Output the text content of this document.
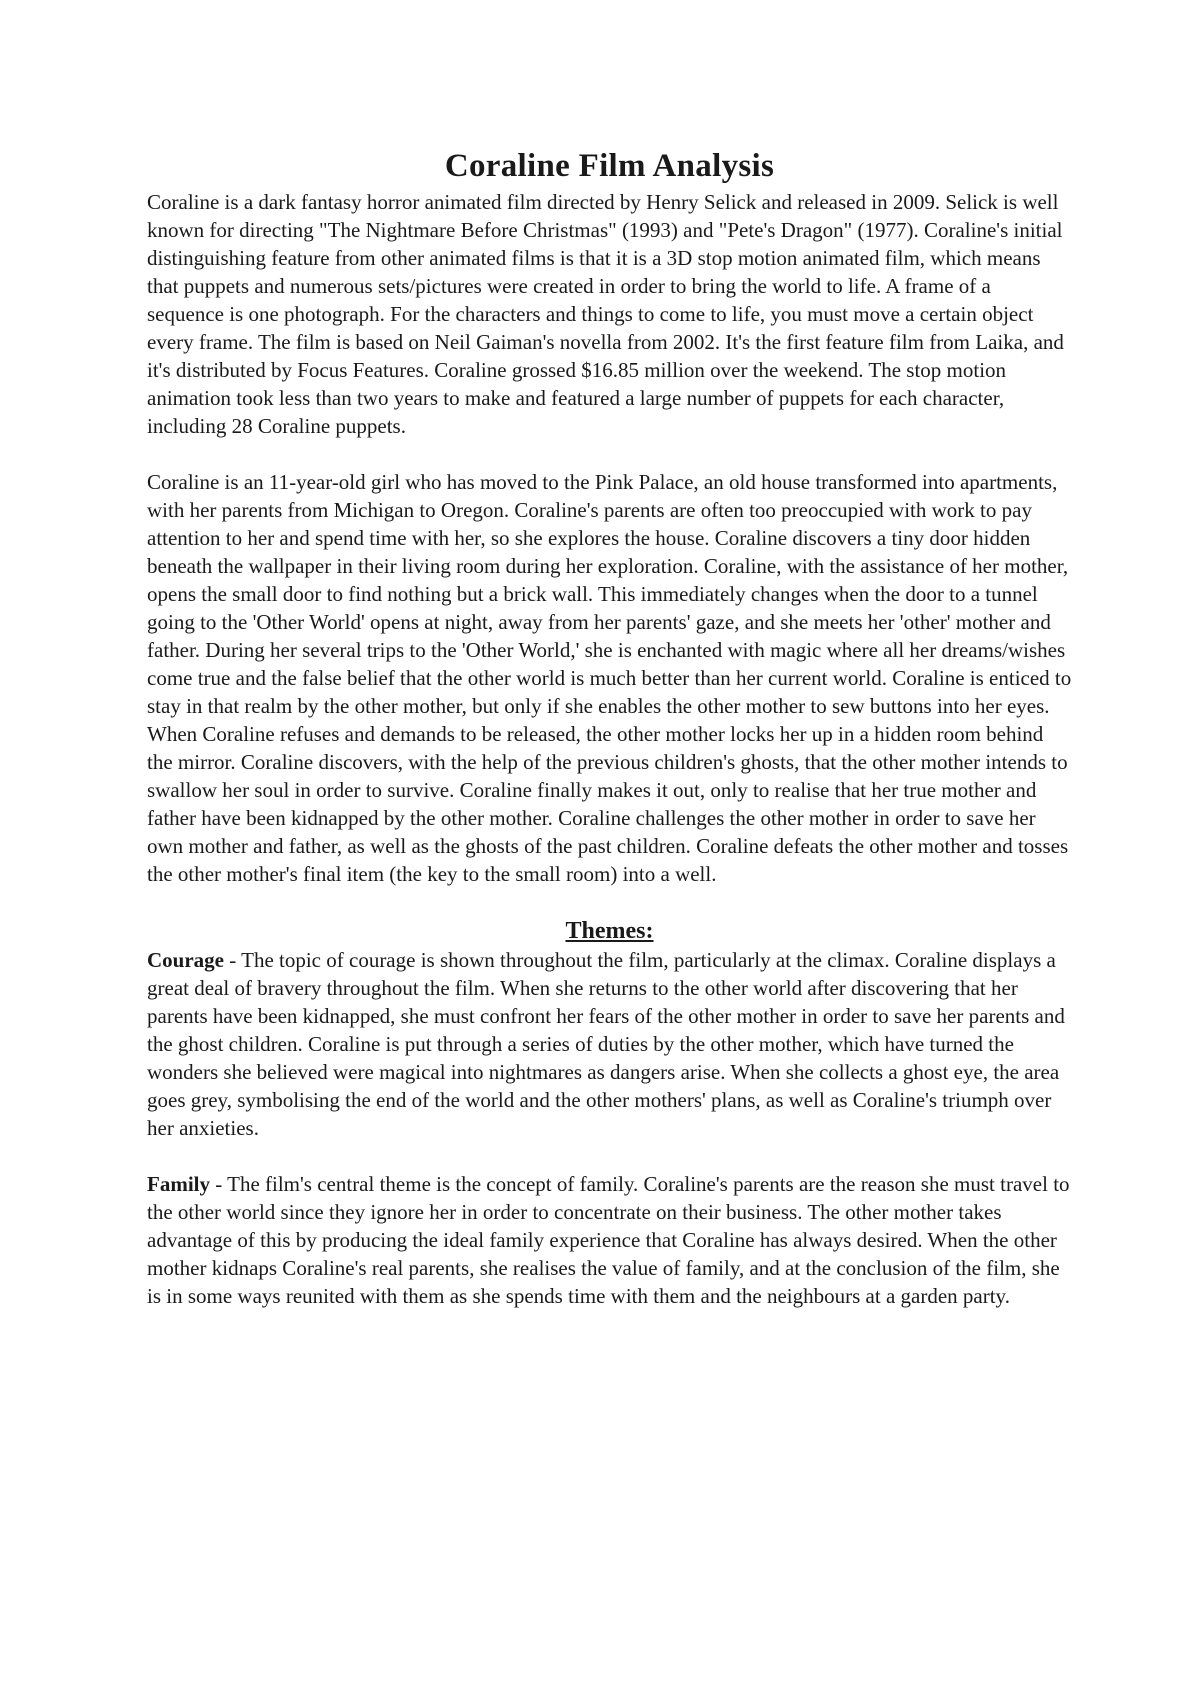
Coraline Film Analysis

Coraline is a dark fantasy horror animated film directed by Henry Selick and released in 2009. Selick is well known for directing "The Nightmare Before Christmas" (1993) and "Pete's Dragon" (1977). Coraline's initial distinguishing feature from other animated films is that it is a 3D stop motion animated film, which means that puppets and numerous sets/pictures were created in order to bring the world to life. A frame of a sequence is one photograph. For the characters and things to come to life, you must move a certain object every frame. The film is based on Neil Gaiman's novella from 2002. It's the first feature film from Laika, and it's distributed by Focus Features. Coraline grossed $16.85 million over the weekend. The stop motion animation took less than two years to make and featured a large number of puppets for each character, including 28 Coraline puppets.

Coraline is an 11-year-old girl who has moved to the Pink Palace, an old house transformed into apartments, with her parents from Michigan to Oregon. Coraline's parents are often too preoccupied with work to pay attention to her and spend time with her, so she explores the house. Coraline discovers a tiny door hidden beneath the wallpaper in their living room during her exploration. Coraline, with the assistance of her mother, opens the small door to find nothing but a brick wall. This immediately changes when the door to a tunnel going to the 'Other World' opens at night, away from her parents' gaze, and she meets her 'other' mother and father. During her several trips to the 'Other World,' she is enchanted with magic where all her dreams/wishes come true and the false belief that the other world is much better than her current world. Coraline is enticed to stay in that realm by the other mother, but only if she enables the other mother to sew buttons into her eyes. When Coraline refuses and demands to be released, the other mother locks her up in a hidden room behind the mirror. Coraline discovers, with the help of the previous children's ghosts, that the other mother intends to swallow her soul in order to survive. Coraline finally makes it out, only to realise that her true mother and father have been kidnapped by the other mother. Coraline challenges the other mother in order to save her own mother and father, as well as the ghosts of the past children. Coraline defeats the other mother and tosses the other mother's final item (the key to the small room) into a well.

Themes:

Courage - The topic of courage is shown throughout the film, particularly at the climax. Coraline displays a great deal of bravery throughout the film. When she returns to the other world after discovering that her parents have been kidnapped, she must confront her fears of the other mother in order to save her parents and the ghost children. Coraline is put through a series of duties by the other mother, which have turned the wonders she believed were magical into nightmares as dangers arise. When she collects a ghost eye, the area goes grey, symbolising the end of the world and the other mothers' plans, as well as Coraline's triumph over her anxieties.

Family - The film's central theme is the concept of family. Coraline's parents are the reason she must travel to the other world since they ignore her in order to concentrate on their business. The other mother takes advantage of this by producing the ideal family experience that Coraline has always desired. When the other mother kidnaps Coraline's real parents, she realises the value of family, and at the conclusion of the film, she is in some ways reunited with them as she spends time with them and the neighbours at a garden party.
